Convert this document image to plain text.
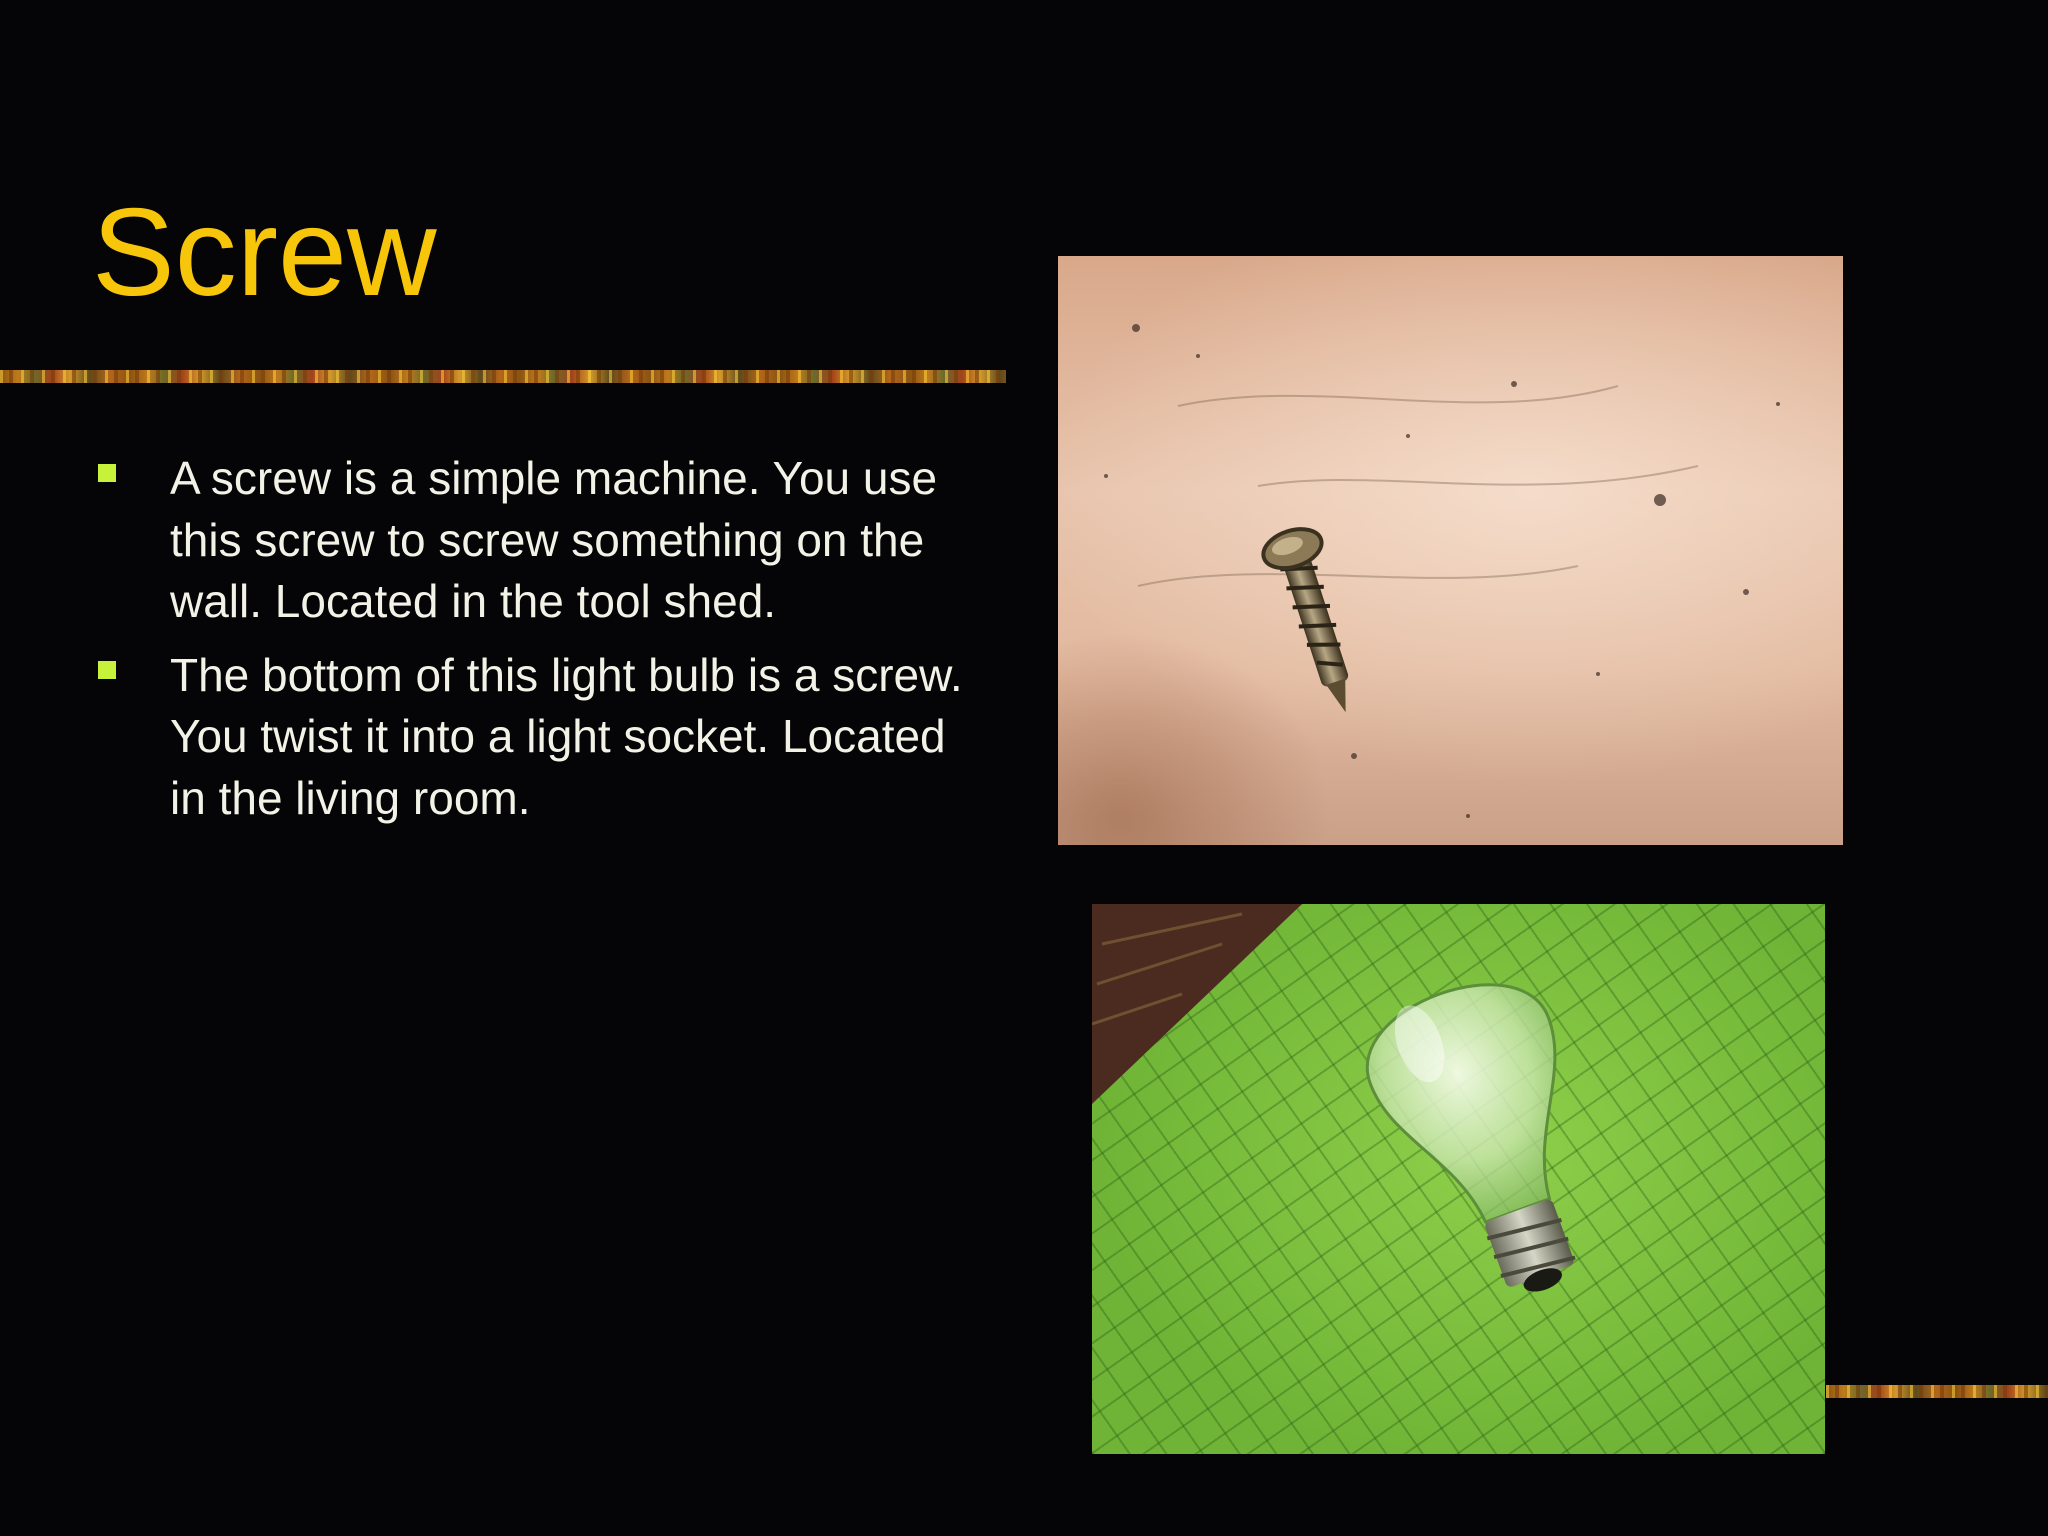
Screw
A screw is a simple machine. You use this screw to screw something on the wall. Located in the tool shed.
The bottom of this light bulb is a screw. You twist it into a light socket. Located in the living room.
